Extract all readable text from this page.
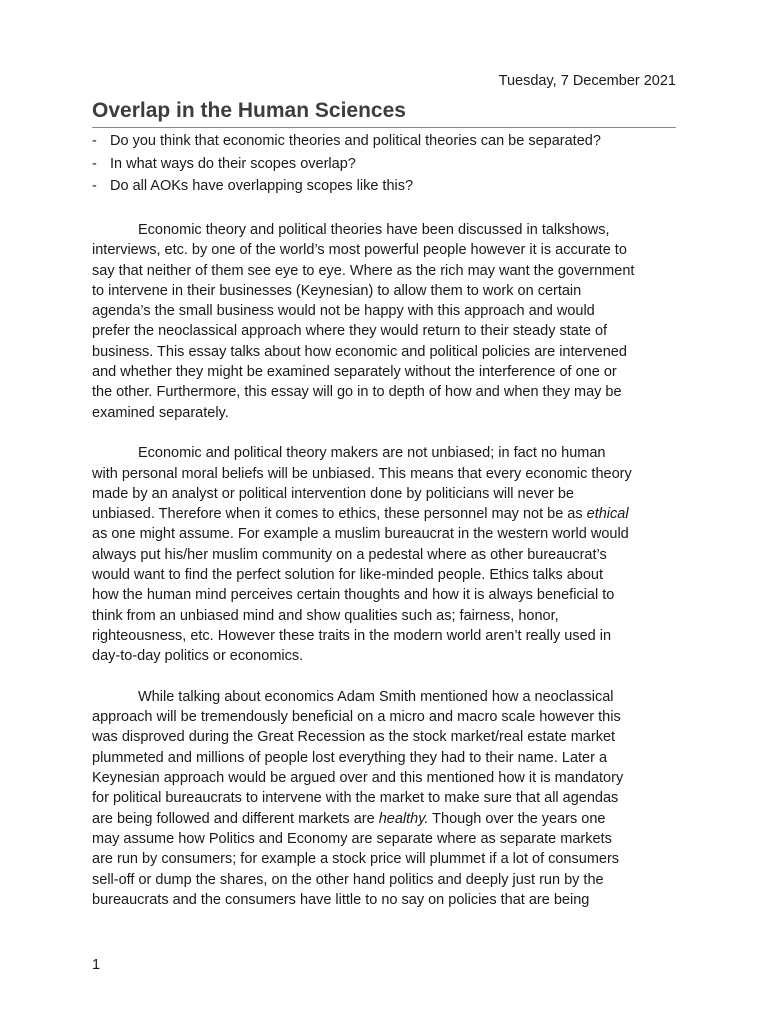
Tuesday, 7 December 2021
Overlap in the Human Sciences
- Do you think that economic theories and political theories can be separated?
- In what ways do their scopes overlap?
- Do all AOKs have overlapping scopes like this?
Economic theory and political theories have been discussed in talkshows,
interviews, etc. by one of the world’s most powerful people however it is accurate to
say that neither of them see eye to eye. Where as the rich may want the government
to intervene in their businesses (Keynesian) to allow them to work on certain
agenda’s the small business would not be happy with this approach and would
prefer the neoclassical approach where they would return to their steady state of
business. This essay talks about how economic and political policies are intervened
and whether they might be examined separately without the interference of one or
the other. Furthermore, this essay will go in to depth of how and when they may be
examined separately.
Economic and political theory makers are not unbiased; in fact no human
with personal moral beliefs will be unbiased. This means that every economic theory
made by an analyst or political intervention done by politicians will never be
unbiased. Therefore when it comes to ethics, these personnel may not be as ethical
as one might assume. For example a muslim bureaucrat in the western world would
always put his/her muslim community on a pedestal where as other bureaucrat’s
would want to find the perfect solution for like-minded people. Ethics talks about
how the human mind perceives certain thoughts and how it is always beneficial to
think from an unbiased mind and show qualities such as; fairness, honor,
righteousness, etc. However these traits in the modern world aren’t really used in
day-to-day politics or economics.
While talking about economics Adam Smith mentioned how a neoclassical
approach will be tremendously beneficial on a micro and macro scale however this
was disproved during the Great Recession as the stock market/real estate market
plummeted and millions of people lost everything they had to their name. Later a
Keynesian approach would be argued over and this mentioned how it is mandatory
for political bureaucrats to intervene with the market to make sure that all agendas
are being followed and different markets are healthy. Though over the years one
may assume how Politics and Economy are separate where as separate markets
are run by consumers; for example a stock price will plummet if a lot of consumers
sell-off or dump the shares, on the other hand politics and deeply just run by the
bureaucrats and the consumers have little to no say on policies that are being
1
